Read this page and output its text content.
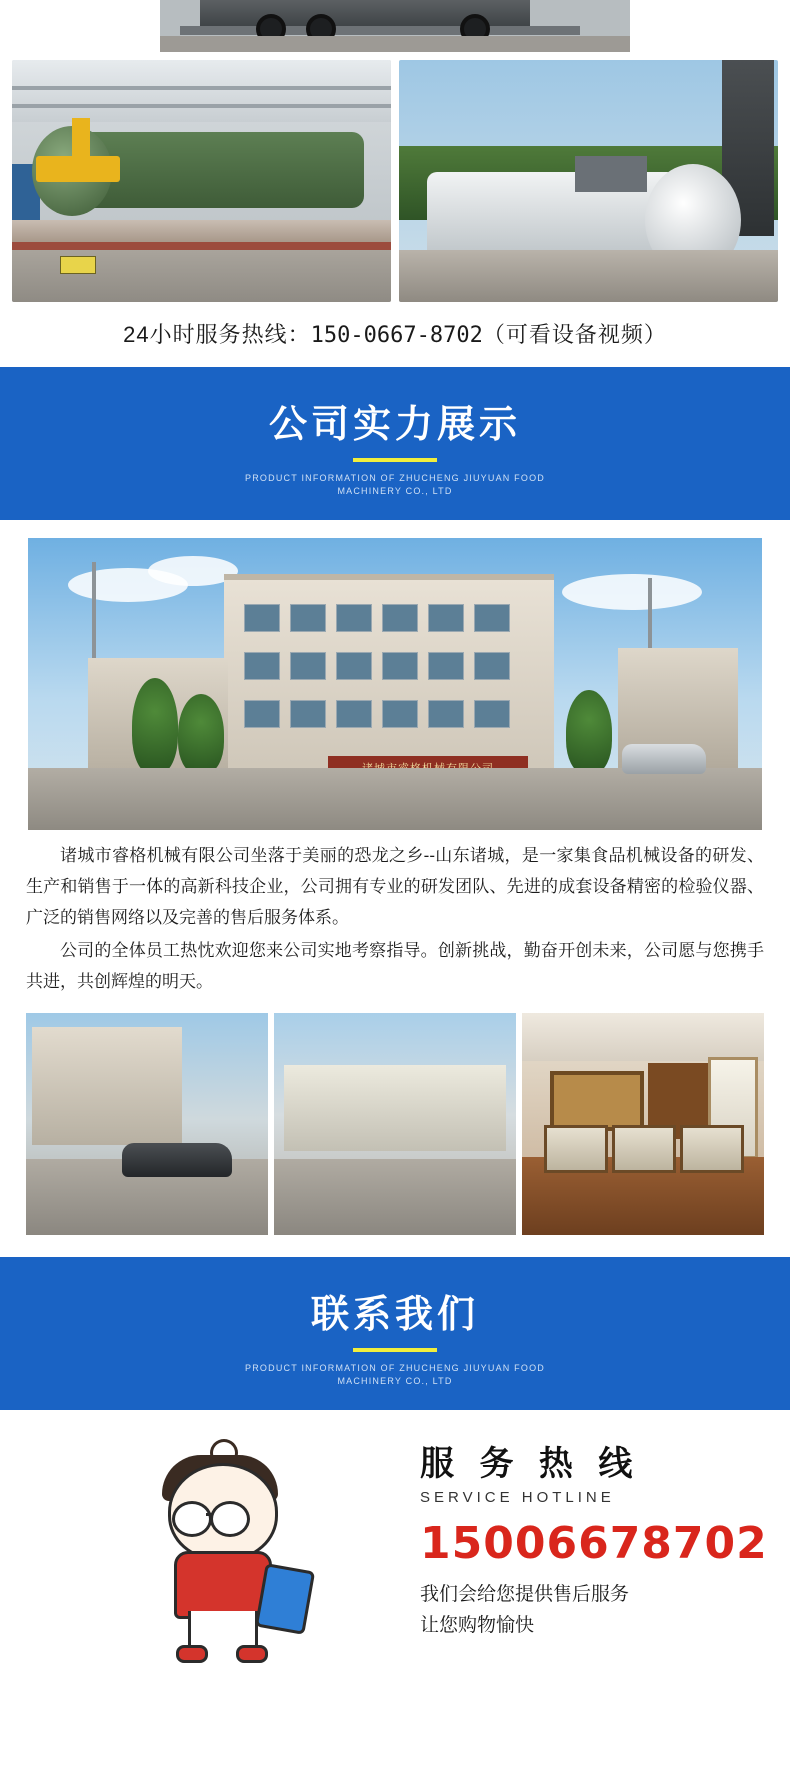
24小时服务热线：150-0667-8702（可看设备视频）
公司实力展示
PRODUCT INFORMATION OF ZHUCHENG JIUYUAN FOOD
MACHINERY CO., LTD

诸城市睿格机械有限公司坐落于美丽的恐龙之乡--山东诸城，是一家集食品机械设备的研发、生产和销售于一体的高新科技企业，公司拥有专业的研发团队、先进的成套设备精密的检验仪器、广泛的销售网络以及完善的售后服务体系。

公司的全体员工热忱欢迎您来公司实地考察指导。创新挑战，勤奋开创未来，公司愿与您携手共进，共创辉煌的明天。

联系我们
PRODUCT INFORMATION OF ZHUCHENG JIUYUAN FOOD
MACHINERY CO., LTD
服 务 热 线
SERVICE HOTLINE
15006678702
我们会给您提供售后服务
让您购物愉快
